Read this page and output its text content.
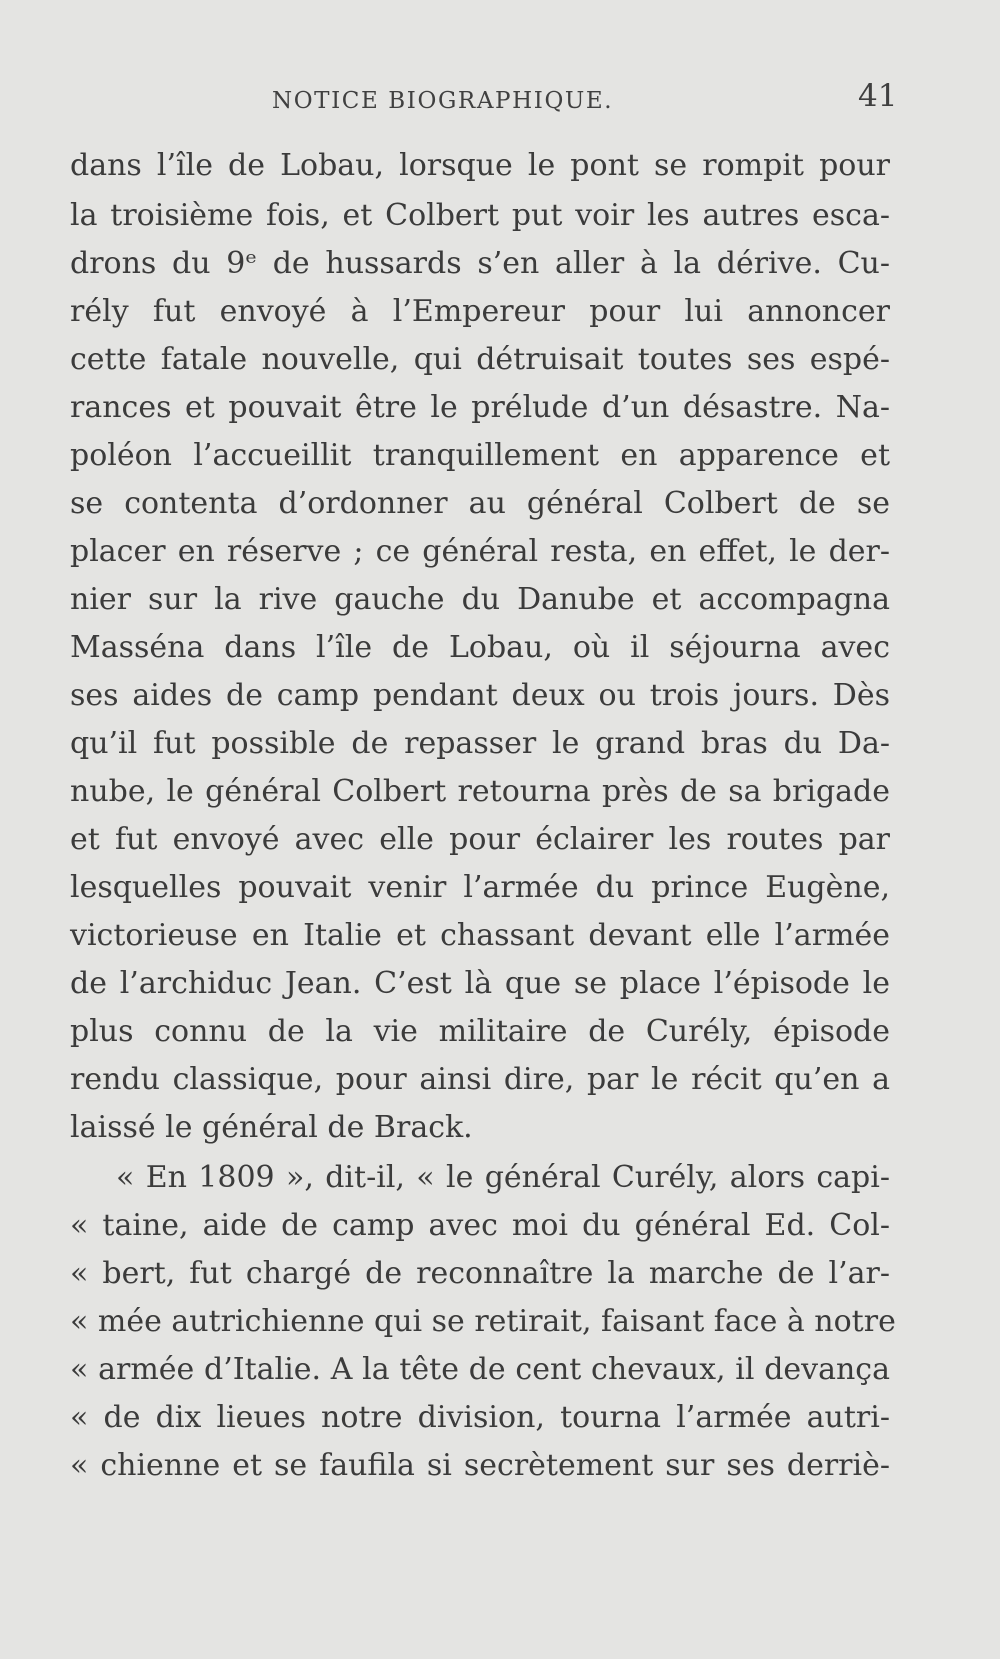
NOTICE BIOGRAPHIQUE.	41
dans l’île de Lobau, lorsque le pont se rompit pour
la troisième fois, et Colbert put voir les autres esca-
drons du 9ᵉ de hussards s’en aller à la dérive. Cu-
rély fut envoyé à l’Empereur pour lui annoncer
cette fatale nouvelle, qui détruisait toutes ses espé-
rances et pouvait être le prélude d’un désastre. Na-
poléon l’accueillit tranquillement en apparence et
se contenta d’ordonner au général Colbert de se
placer en réserve ; ce général resta, en effet, le der-
nier sur la rive gauche du Danube et accompagna
Masséna dans l’île de Lobau, où il séjourna avec
ses aides de camp pendant deux ou trois jours. Dès
qu’il fut possible de repasser le grand bras du Da-
nube, le général Colbert retourna près de sa brigade
et fut envoyé avec elle pour éclairer les routes par
lesquelles pouvait venir l’armée du prince Eugène,
victorieuse en Italie et chassant devant elle l’armée
de l’archiduc Jean. C’est là que se place l’épisode le
plus connu de la vie militaire de Curély, épisode
rendu classique, pour ainsi dire, par le récit qu’en a
laissé le général de Brack.
« En 1809 », dit-il, « le général Curély, alors capi-
« taine, aide de camp avec moi du général Ed. Col-
« bert, fut chargé de reconnaître la marche de l’ar-
« mée autrichienne qui se retirait, faisant face à notre
« armée d’Italie. A la tête de cent chevaux, il devança
« de dix lieues notre division, tourna l’armée autri-
« chienne et se faufila si secrètement sur ses derriè-
